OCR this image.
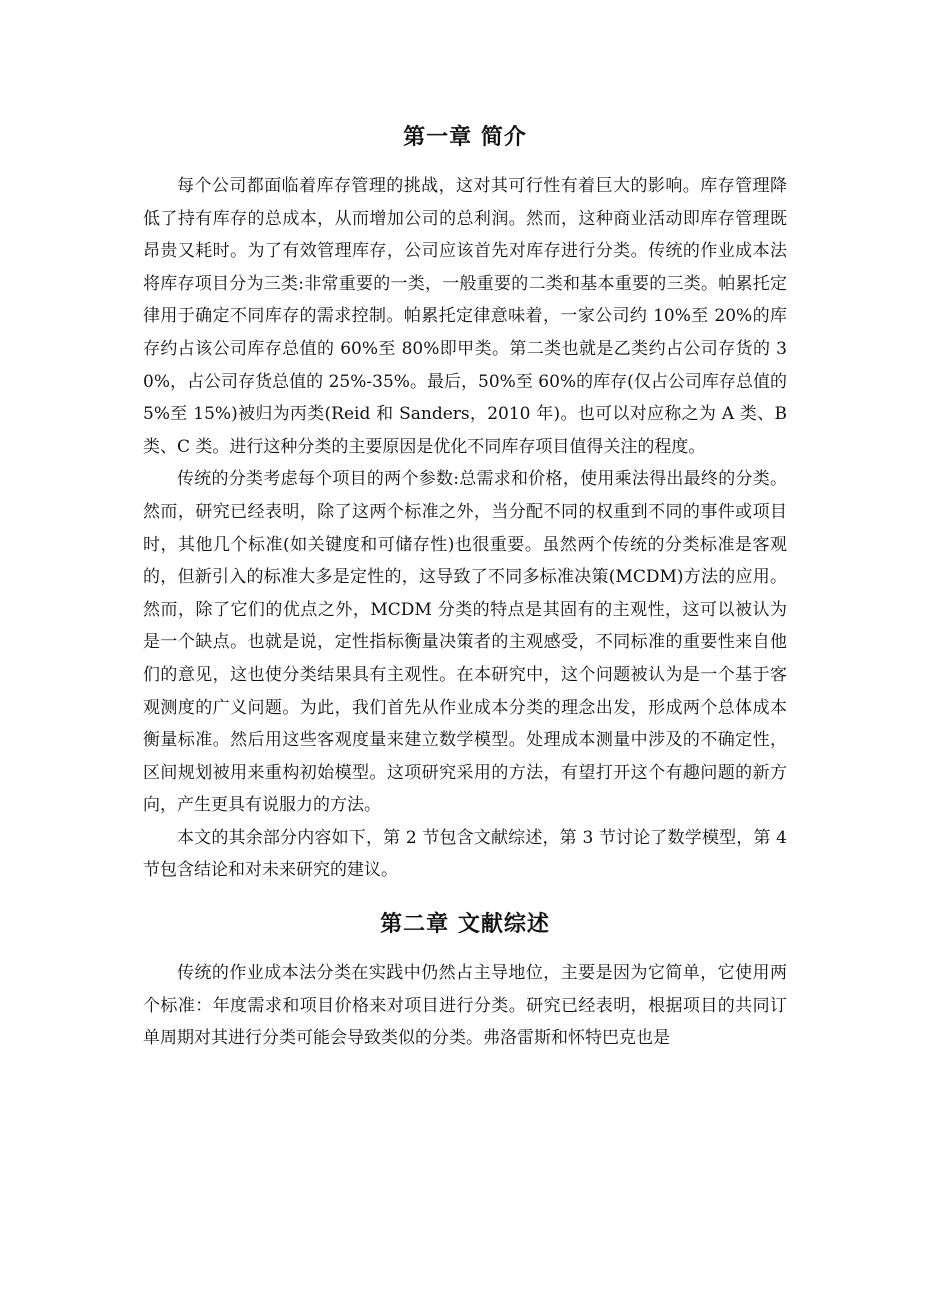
第一章 简介

每个公司都面临着库存管理的挑战，这对其可行性有着巨大的影响。库存管理降低了持有库存的总成本，从而增加公司的总利润。然而，这种商业活动即库存管理既昂贵又耗时。为了有效管理库存，公司应该首先对库存进行分类。传统的作业成本法将库存项目分为三类:非常重要的一类，一般重要的二类和基本重要的三类。帕累托定律用于确定不同库存的需求控制。帕累托定律意味着，一家公司约 10%至 20%的库存约占该公司库存总值的 60%至 80%即甲类。第二类也就是乙类约占公司存货的 30%，占公司存货总值的 25%-35%。最后，50%至 60%的库存(仅占公司库存总值的 5%至 15%)被归为丙类(Reid 和 Sanders，2010 年)。也可以对应称之为 A 类、B 类、C 类。进行这种分类的主要原因是优化不同库存项目值得关注的程度。

传统的分类考虑每个项目的两个参数:总需求和价格，使用乘法得出最终的分类。然而，研究已经表明，除了这两个标准之外，当分配不同的权重到不同的事件或项目时，其他几个标准(如关键度和可储存性)也很重要。虽然两个传统的分类标准是客观的，但新引入的标准大多是定性的，这导致了不同多标准决策(MCDM)方法的应用。然而，除了它们的优点之外，MCDM 分类的特点是其固有的主观性，这可以被认为是一个缺点。也就是说，定性指标衡量决策者的主观感受，不同标准的重要性来自他们的意见，这也使分类结果具有主观性。在本研究中，这个问题被认为是一个基于客观测度的广义问题。为此，我们首先从作业成本分类的理念出发，形成两个总体成本衡量标准。然后用这些客观度量来建立数学模型。处理成本测量中涉及的不确定性，区间规划被用来重构初始模型。这项研究采用的方法，有望打开这个有趣问题的新方向，产生更具有说服力的方法。

本文的其余部分内容如下，第 2 节包含文献综述，第 3 节讨论了数学模型，第 4 节包含结论和对未来研究的建议。

第二章 文献综述

传统的作业成本法分类在实践中仍然占主导地位，主要是因为它简单，它使用两个标准：年度需求和项目价格来对项目进行分类。研究已经表明，根据项目的共同订单周期对其进行分类可能会导致类似的分类。弗洛雷斯和怀特巴克也是
